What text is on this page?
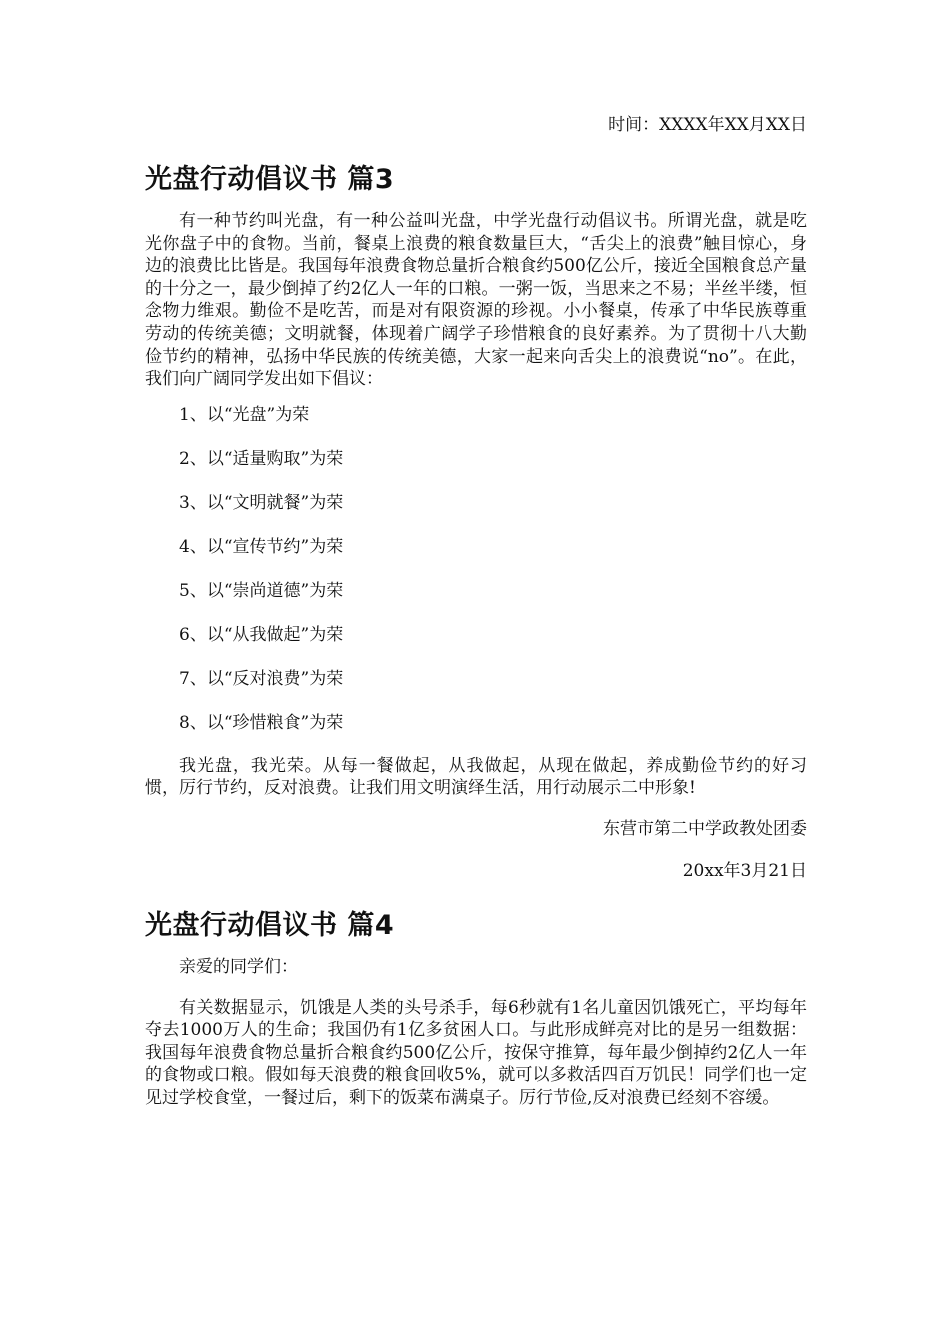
时间：XXXX年XX月XX日
光盘行动倡议书 篇3

有一种节约叫光盘，有一种公益叫光盘，中学光盘行动倡议书。所谓光盘，就是吃光你盘子中的食物。当前，餐桌上浪费的粮食数量巨大，“舌尖上的浪费”触目惊心，身边的浪费比比皆是。我国每年浪费食物总量折合粮食约500亿公斤，接近全国粮食总产量的十分之一，最少倒掉了约2亿人一年的口粮。一粥一饭，当思来之不易；半丝半缕，恒念物力维艰。勤俭不是吃苦，而是对有限资源的珍视。小小餐桌，传承了中华民族尊重劳动的传统美德；文明就餐，体现着广阔学子珍惜粮食的良好素养。为了贯彻十八大勤俭节约的精神，弘扬中华民族的传统美德，大家一起来向舌尖上的浪费说“no”。在此，我们向广阔同学发出如下倡议：

1、以“光盘”为荣

2、以“适量购取”为荣

3、以“文明就餐”为荣

4、以“宣传节约”为荣

5、以“崇尚道德”为荣

6、以“从我做起”为荣

7、以“反对浪费”为荣

8、以“珍惜粮食”为荣

我光盘，我光荣。从每一餐做起，从我做起，从现在做起，养成勤俭节约的好习惯，厉行节约，反对浪费。让我们用文明演绎生活，用行动展示二中形象!

东营市第二中学政教处团委
20xx年3月21日
光盘行动倡议书 篇4

亲爱的同学们：

有关数据显示，饥饿是人类的头号杀手，每6秒就有1名儿童因饥饿死亡，平均每年夺去1000万人的生命；我国仍有1亿多贫困人口。与此形成鲜亮对比的是另一组数据：我国每年浪费食物总量折合粮食约500亿公斤，按保守推算，每年最少倒掉约2亿人一年的食物或口粮。假如每天浪费的粮食回收5%，就可以多救活四百万饥民！同学们也一定见过学校食堂，一餐过后，剩下的饭菜布满桌子。厉行节俭,反对浪费已经刻不容缓。
